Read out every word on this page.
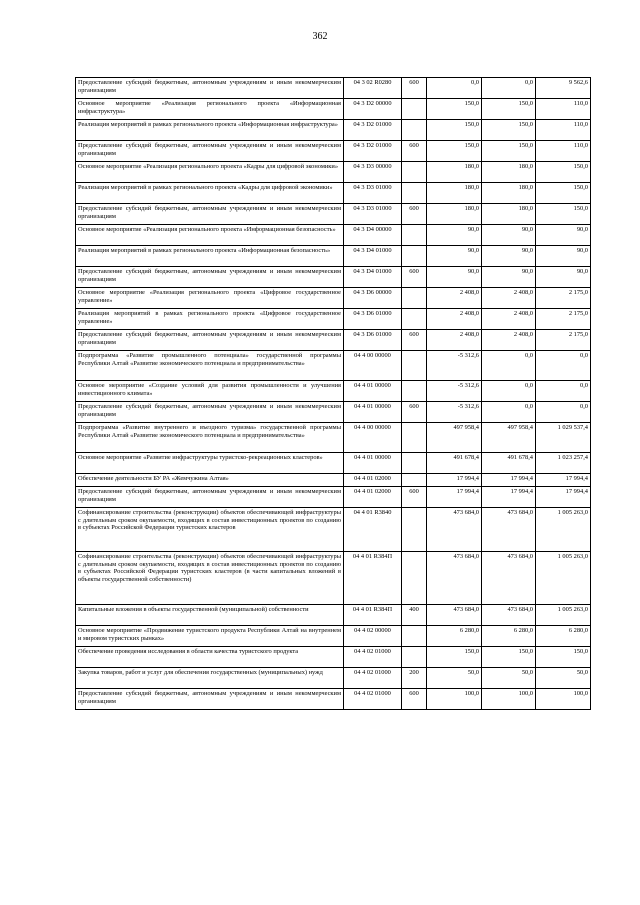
362
Предоставление субсидий бюджетным, автономным учреждениям и иным некоммерческим организациям	04 3 02 R0280	600	0,0	0,0	9 562,6
Основное мероприятие «Реализация регионального проекта «Информационная инфраструктура»	04 3 D2 00000		150,0	150,0	110,0
Реализация мероприятий в рамках регионального проекта «Информационная инфраструктура»	04 3 D2 01000		150,0	150,0	110,0
Предоставление субсидий бюджетным, автономным учреждениям и иным некоммерческим организациям	04 3 D2 01000	600	150,0	150,0	110,0
Основное мероприятие «Реализация регионального проекта «Кадры для цифровой экономики»	04 3 D3 00000		180,0	180,0	150,0
Реализация мероприятий в рамках регионального проекта «Кадры для цифровой экономики»	04 3 D3 01000		180,0	180,0	150,0
Предоставление субсидий бюджетным, автономным учреждениям и иным некоммерческим организациям	04 3 D3 01000	600	180,0	180,0	150,0
Основное мероприятие «Реализация регионального проекта «Информационная безопасность»	04 3 D4 00000		90,0	90,0	90,0
Реализация мероприятий в рамках регионального проекта «Информационная безопасность»	04 3 D4 01000		90,0	90,0	90,0
Предоставление субсидий бюджетным, автономным учреждениям и иным некоммерческим организациям	04 3 D4 01000	600	90,0	90,0	90,0
Основное мероприятие «Реализация регионального проекта «Цифровое государственное управление»	04 3 D6 00000		2 408,0	2 408,0	2 175,0
Реализация мероприятий в рамках регионального проекта «Цифровое государственное управление»	04 3 D6 01000		2 408,0	2 408,0	2 175,0
Предоставление субсидий бюджетным, автономным учреждениям и иным некоммерческим организациям	04 3 D6 01000	600	2 408,0	2 408,0	2 175,0
Подпрограмма «Развитие промышленного потенциала» государственной программы Республики Алтай «Развитие экономического потенциала и предпринимательства»	04 4 00 00000		-5 312,6	0,0	0,0
Основное мероприятие «Создание условий для развития промышленности и улучшения инвестиционного климата»	04 4 01 00000		-5 312,6	0,0	0,0
Предоставление субсидий бюджетным, автономным учреждениям и иным некоммерческим организациям	04 4 01 00000	600	-5 312,6	0,0	0,0
Подпрограмма «Развитие внутреннего и въездного туризма» государственной программы Республики Алтай «Развитие экономического потенциала и предпринимательства»	04 4 00 00000		497 958,4	497 958,4	1 029 537,4
Основное мероприятие «Развитие инфраструктуры туристско-рекреационных кластеров»	04 4 01 00000		491 678,4	491 678,4	1 023 257,4
Обеспечение деятельности БУ РА «Жемчужина Алтая»	04 4 01 02000		17 994,4	17 994,4	17 994,4
Предоставление субсидий бюджетным, автономным учреждениям и иным некоммерческим организациям	04 4 01 02000	600	17 994,4	17 994,4	17 994,4
Софинансирование строительства (реконструкции) объектов обеспечивающей инфраструктуры с длительным сроком окупаемости, входящих в состав инвестиционных проектов по созданию в субъектах Российской Федерации туристских кластеров	04 4 01 R3840		473 684,0	473 684,0	1 005 263,0
Софинансирование строительства (реконструкции) объектов обеспечивающей инфраструктуры с длительным сроком окупаемости, входящих в состав инвестиционных проектов по созданию в субъектах Российской Федерации туристских кластеров (в части капитальных вложений в объекты государственной собственности)	04 4 01 R384П		473 684,0	473 684,0	1 005 263,0
Капитальные вложения в объекты государственной (муниципальной) собственности	04 4 01 R384П	400	473 684,0	473 684,0	1 005 263,0
Основное мероприятие «Продвижение туристского продукта Республики Алтай на внутреннем и мировом туристских рынках»	04 4 02 00000		6 280,0	6 280,0	6 280,0
Обеспечение проведения исследования в области качества туристского продукта	04 4 02 01000		150,0	150,0	150,0
Закупка товаров, работ и услуг для обеспечения государственных (муниципальных) нужд	04 4 02 01000	200	50,0	50,0	50,0
Предоставление субсидий бюджетным, автономным учреждениям и иным некоммерческим организациям	04 4 02 01000	600	100,0	100,0	100,0
